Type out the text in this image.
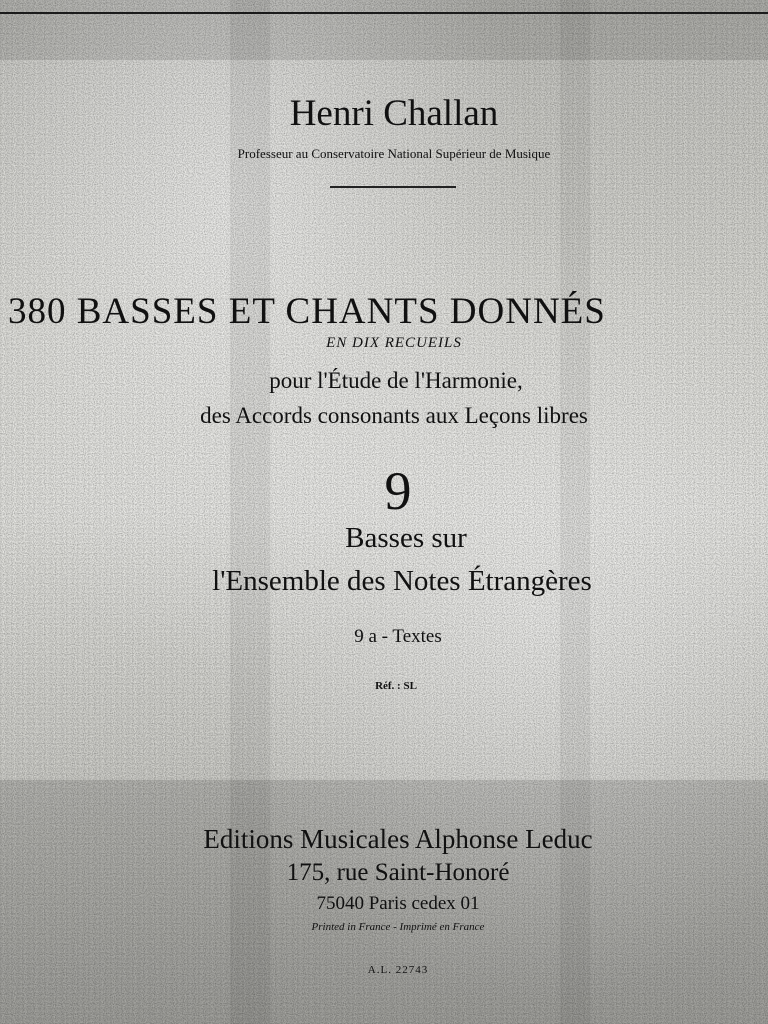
Henri Challan
Professeur au Conservatoire National Supérieur de Musique
380 BASSES ET CHANTS DONNÉS
EN DIX RECUEILS
pour l'Étude de l'Harmonie,
des Accords consonants aux Leçons libres
9
Basses sur
l'Ensemble des Notes Étrangères
9 a - Textes
Réf. : SL
Editions Musicales Alphonse Leduc
175, rue Saint-Honoré
75040 Paris cedex 01
Printed in France - Imprimé en France
A.L. 22743
